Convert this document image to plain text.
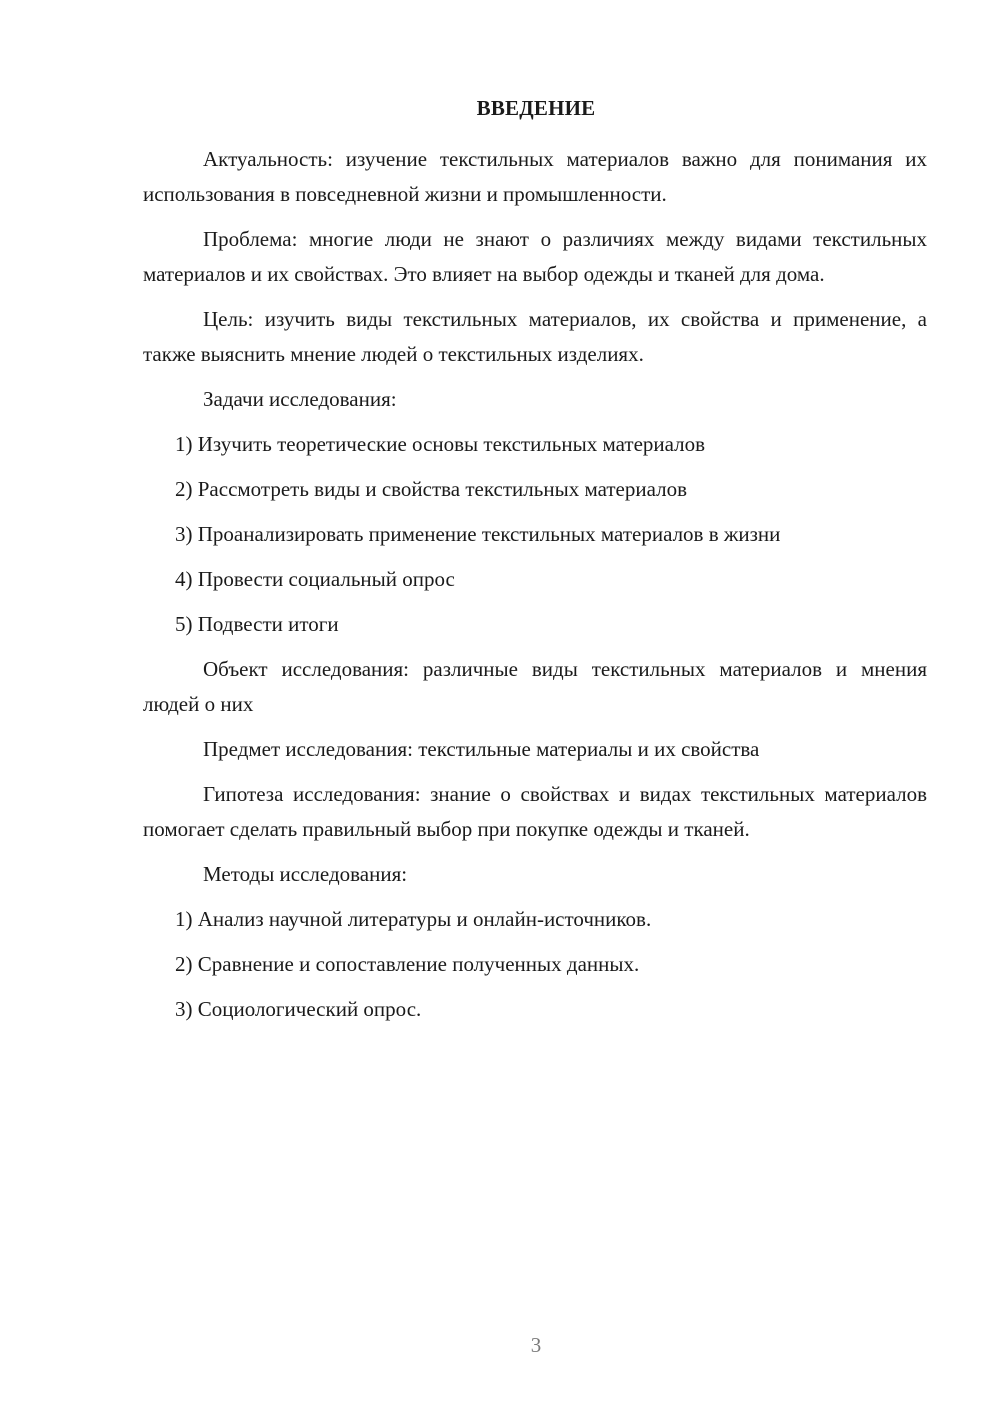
ВВЕДЕНИЕ

Актуальность: изучение текстильных материалов важно для понимания их использования в повседневной жизни и промышленности.

Проблема: многие люди не знают о различиях между видами текстильных материалов и их свойствах. Это влияет на выбор одежды и тканей для дома.

Цель: изучить виды текстильных материалов, их свойства и применение, а также выяснить мнение людей о текстильных изделиях.

Задачи исследования:

1) Изучить теоретические основы текстильных материалов

2) Рассмотреть виды и свойства текстильных материалов

3) Проанализировать применение текстильных материалов в жизни

4) Провести социальный опрос

5) Подвести итоги

Объект исследования: различные виды текстильных материалов и мнения людей о них

Предмет исследования: текстильные материалы и их свойства

Гипотеза исследования: знание о свойствах и видах текстильных материалов помогает сделать правильный выбор при покупке одежды и тканей.

Методы исследования:

1) Анализ научной литературы и онлайн-источников.

2) Сравнение и сопоставление полученных данных.

3) Социологический опрос.

3
